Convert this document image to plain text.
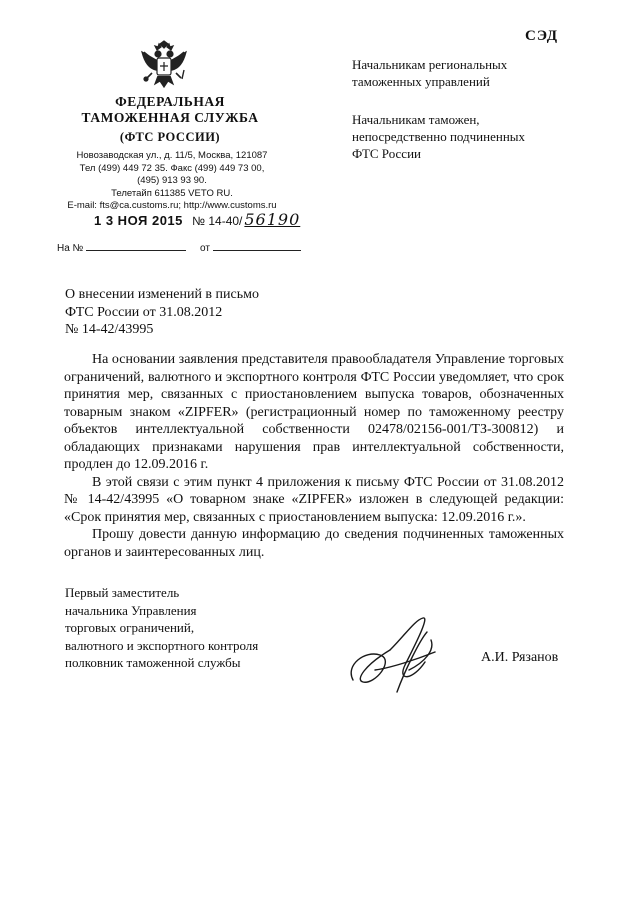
СЭД
ФЕДЕРАЛЬНАЯ
ТАМОЖЕННАЯ СЛУЖБА
(ФТС РОССИИ)
Новозаводская ул., д. 11/5, Москва, 121087
Тел (499) 449 72 35. Факс (499) 449 73 00,
(495) 913 93 90.
Телетайп 611385 VETO RU.
E-mail: fts@ca.customs.ru; http://www.customs.ru
1 3 НОЯ 2015 № 14-40/ 56190
На №	от
Начальникам региональных
таможенных управлений
Начальникам таможен,
непосредственно подчиненных
ФТС России
О внесении изменений в письмо
ФТС России от 31.08.2012
№ 14-42/43995

На основании заявления представителя правообладателя Управление торговых ограничений, валютного и экспортного контроля ФТС России уведомляет, что срок принятия мер, связанных с приостановлением выпуска товаров, обозначенных товарным знаком «ZIPFER» (регистрационный номер по таможенному реестру объектов интеллектуальной собственности 02478/02156-001/ТЗ-300812) и обладающих признаками нарушения прав интеллектуальной собственности, продлен до 12.09.2016 г.

В этой связи с этим пункт 4 приложения к письму ФТС России от 31.08.2012 № 14-42/43995 «О товарном знаке «ZIPFER» изложен в следующей редакции: «Срок принятия мер, связанных с приостановлением выпуска: 12.09.2016 г.».

Прошу довести данную информацию до сведения подчиненных таможенных органов и заинтересованных лиц.

Первый заместитель
начальника Управления
торговых ограничений,
валютного и экспортного контроля
полковник таможенной службы	А.И. Рязанов
